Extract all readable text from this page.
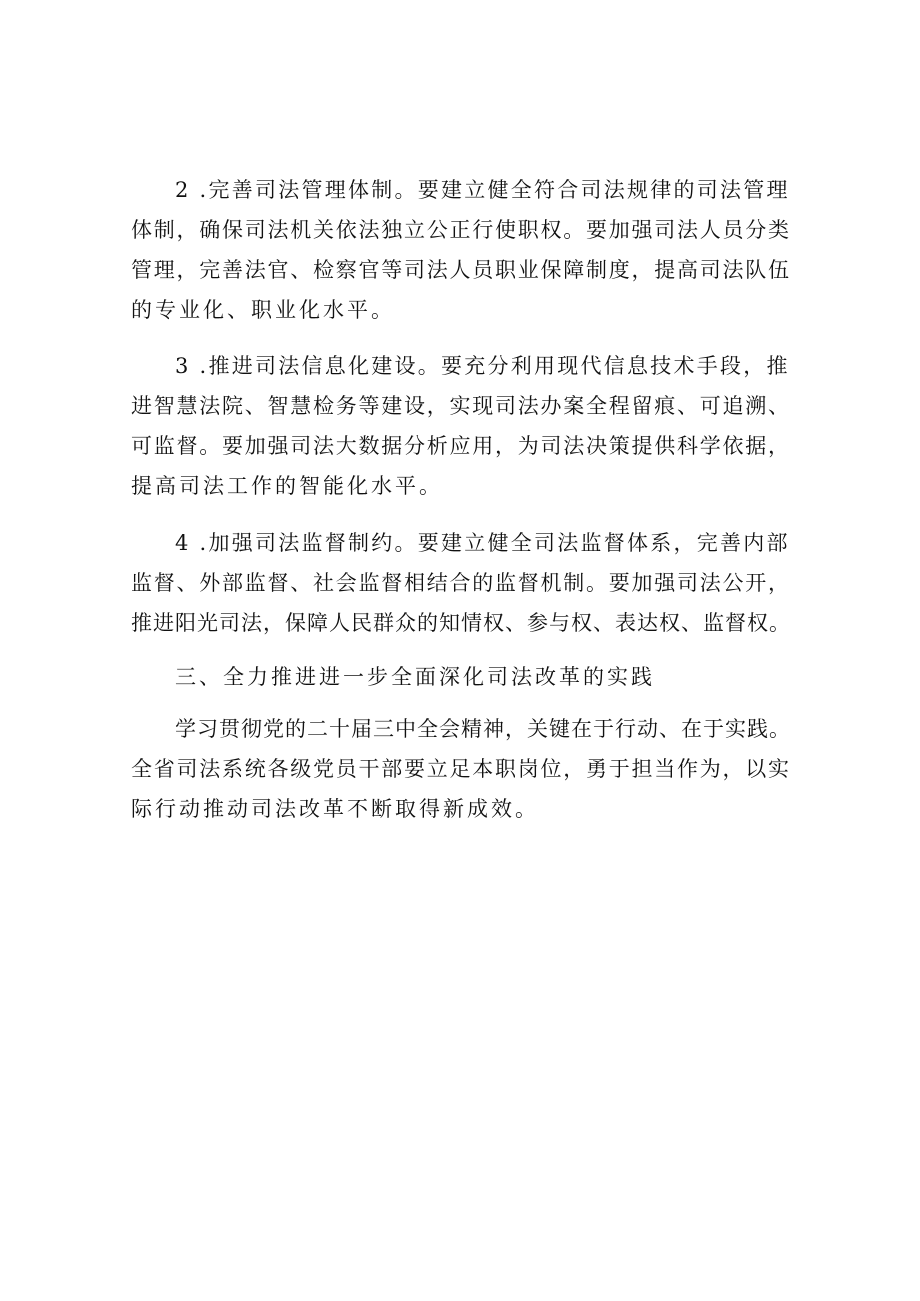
2 .完善司法管理体制。要建立健全符合司法规律的司法管理
体制，确保司法机关依法独立公正行使职权。要加强司法人员分类
管理，完善法官、检察官等司法人员职业保障制度，提高司法队伍
的专业化、职业化水平。
3 .推进司法信息化建设。要充分利用现代信息技术手段，推
进智慧法院、智慧检务等建设，实现司法办案全程留痕、可追溯、
可监督。要加强司法大数据分析应用，为司法决策提供科学依据，
提高司法工作的智能化水平。
4 .加强司法监督制约。要建立健全司法监督体系，完善内部
监督、外部监督、社会监督相结合的监督机制。要加强司法公开，
推进阳光司法，保障人民群众的知情权、参与权、表达权、监督权。
三、全力推进进一步全面深化司法改革的实践
学习贯彻党的二十届三中全会精神，关键在于行动、在于实践。
全省司法系统各级党员干部要立足本职岗位，勇于担当作为，以实
际行动推动司法改革不断取得新成效。
